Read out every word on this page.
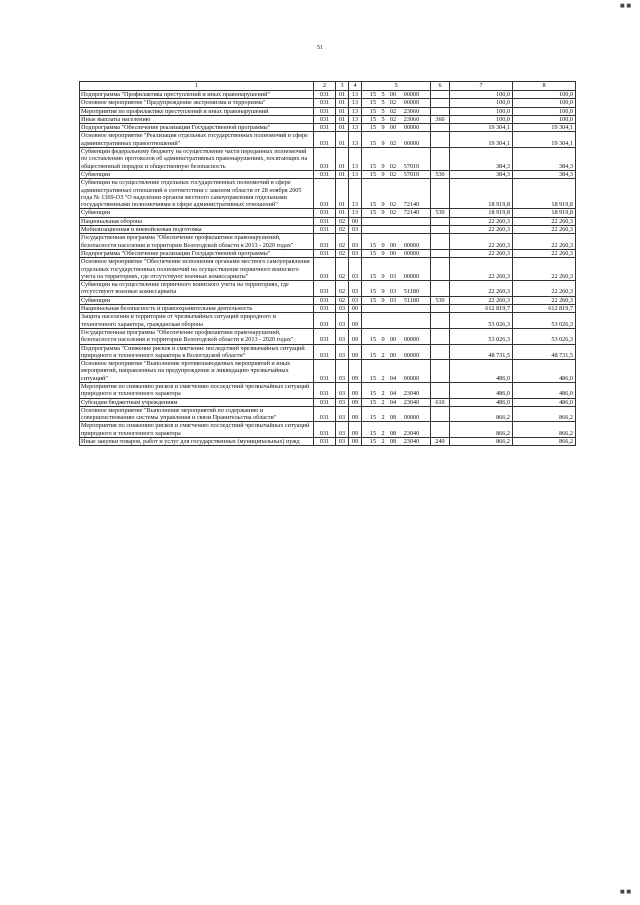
■ ■
■ ■
51
1	2	3	4	5	6	7	8
Подпрограмма "Профилактика преступлений и иных правонарушений"	031	01	13	15 5 00 00000		100,0	100,0
Основное мероприятие "Предупреждение экстремизма и терроризма"	031	01	13	15 5 02 00000		100,0	100,0
Мероприятия по профилактике преступлений и иных правонарушений	031	01	13	15 5 02 23060		100,0	100,0
Иные выплаты населению	031	01	13	15 5 02 23060	360	100,0	100,0
Подпрограмма "Обеспечение реализации Государственной программы"	031	01	13	15 9 00 00000		19 304,1	19 304,1
Основное мероприятие "Реализация отдельных государственных полномочий в сфере административных правоотношений"	031	01	13	15 9 02 00000		19 304,1	19 304,1
Субвенции федеральному бюджету на осуществление части переданных полномочий по составлению протоколов об административных правонарушениях, посягающих на общественный порядок и общественную безопасность	031	01	13	15 9 02 57010		384,3	384,3
Субвенции	031	01	13	15 9 02 57010	530	384,3	384,3
Субвенции на осуществление отдельных государственных полномочий в сфере административных отношений в соответствии с законом области от 28 ноября 2005 года № 1369-ОЗ "О наделении органов местного самоуправления отдельными государственными полномочиями в сфере административных отношений"	031	01	13	15 9 02 72140		18 919,8	18 919,8
Субвенции	031	01	13	15 9 02 72140	530	18 919,8	18 919,8
Национальная оборона	031	02	00			22 260,3	22 260,3
Мобилизационная и вневойсковая подготовка	031	02	03			22 260,3	22 260,3
Государственная программа "Обеспечение профилактики правонарушений, безопасности населения и территории Вологодской области в 2013 - 2020 годах"	031	02	03	15 0 00 00000		22 260,3	22 260,3
Подпрограмма "Обеспечение реализации Государственной программы"	031	02	03	15 9 00 00000		22 260,3	22 260,3
Основное мероприятие "Обеспечение исполнения органами местного самоуправления отдельных государственных полномочий на осуществление первичного воинского учета на территориях, где отсутствуют военные комиссариаты"	031	02	03	15 9 03 00000		22 260,3	22 260,3
Субвенции на осуществление первичного воинского учета на территориях, где отсутствуют военные комиссариаты	031	02	03	15 9 03 51180		22 260,3	22 260,3
Субвенции	031	02	03	15 9 03 51180	530	22 260,3	22 260,3
Национальная безопасность и правоохранительная деятельность	031	03	00			612 819,7	612 819,7
Защита населения и территории от чрезвычайных ситуаций природного и техногенного характера, гражданская оборона	031	03	09			53 026,3	53 026,3
Государственная программа "Обеспечение профилактики правонарушений, безопасности населения и территории Вологодской области в 2013 - 2020 годах"	031	03	09	15 0 00 00000		53 026,3	53 026,3
Подпрограмма "Снижение рисков и смягчение последствий чрезвычайных ситуаций природного и техногенного характера в Вологодской области"	031	03	09	15 2 00 00000		48 731,5	48 731,5
Основное мероприятие "Выполнение противопаводковых мероприятий и иных мероприятий, направленных на предупреждение и ликвидацию чрезвычайных ситуаций"	031	03	09	15 2 04 00000		486,0	486,0
Мероприятия по снижению рисков и смягчению последствий чрезвычайных ситуаций природного и техногенного характера	031	03	09	15 2 04 23040		486,0	486,0
Субсидии бюджетным учреждениям	031	03	09	15 2 04 23040	610	486,0	486,0
Основное мероприятие "Выполнение мероприятий по содержанию и совершенствованию системы управления и связи Правительства области"	031	03	09	15 2 08 00000		866,2	866,2
Мероприятия по снижению рисков и смягчению последствий чрезвычайных ситуаций природного и техногенного характера	031	03	09	15 2 08 23040		866,2	866,2
Иные закупки товаров, работ и услуг для государственных (муниципальных) нужд	031	03	09	15 2 08 23040	240	866,2	866,2
